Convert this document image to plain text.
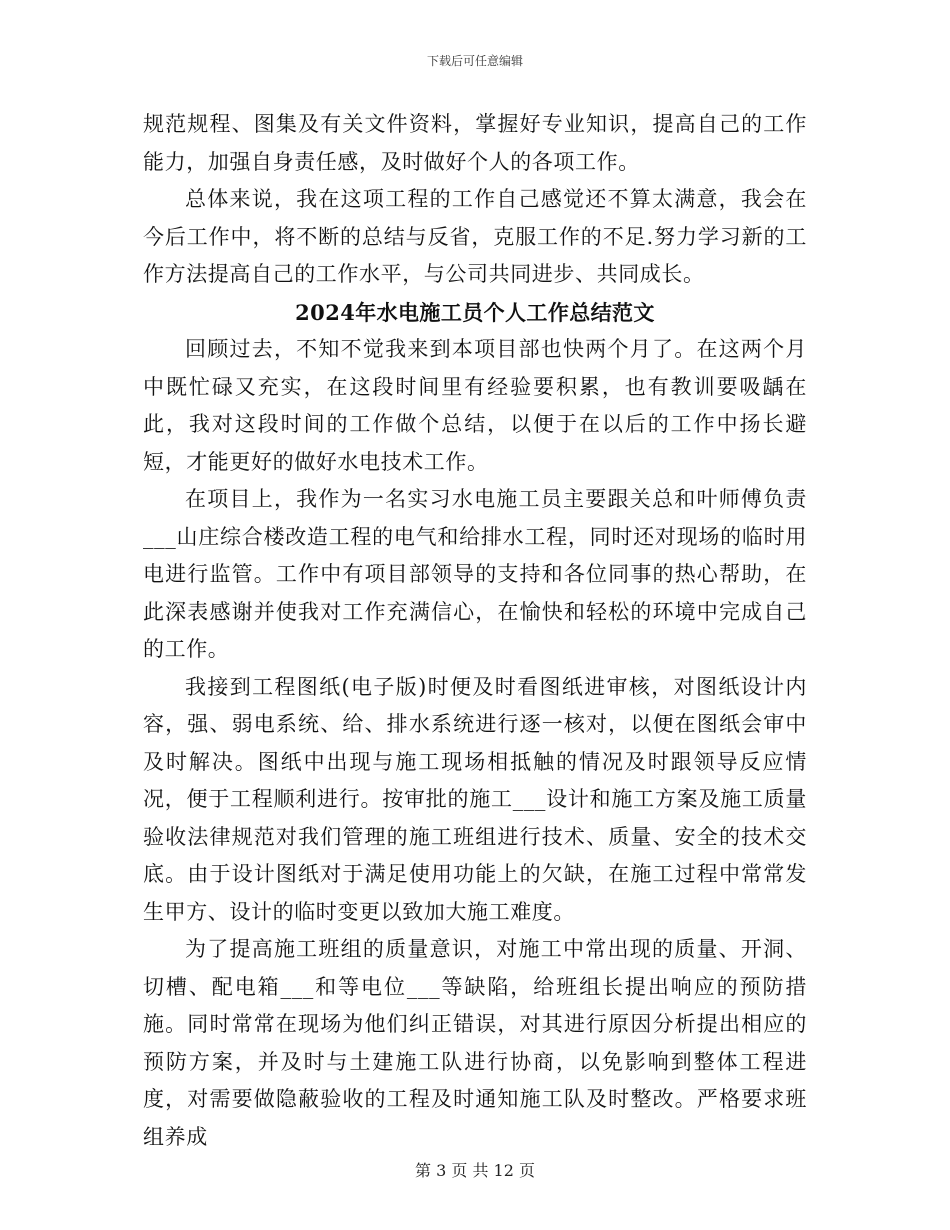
下载后可任意编辑

规范规程、图集及有关文件资料，掌握好专业知识，提高自己的工作能力，加强自身责任感，及时做好个人的各项工作。

总体来说，我在这项工程的工作自己感觉还不算太满意，我会在今后工作中，将不断的总结与反省，克服工作的不足.努力学习新的工作方法提高自己的工作水平，与公司共同进步、共同成长。

2024年水电施工员个人工作总结范文

回顾过去，不知不觉我来到本项目部也快两个月了。在这两个月中既忙碌又充实，在这段时间里有经验要积累，也有教训要吸龋在此，我对这段时间的工作做个总结，以便于在以后的工作中扬长避短，才能更好的做好水电技术工作。

在项目上，我作为一名实习水电施工员主要跟关总和叶师傅负责___山庄综合楼改造工程的电气和给排水工程，同时还对现场的临时用电进行监管。工作中有项目部领导的支持和各位同事的热心帮助，在此深表感谢并使我对工作充满信心，在愉快和轻松的环境中完成自己的工作。

我接到工程图纸(电子版)时便及时看图纸进审核，对图纸设计内容，强、弱电系统、给、排水系统进行逐一核对，以便在图纸会审中及时解决。图纸中出现与施工现场相抵触的情况及时跟领导反应情况，便于工程顺利进行。按审批的施工___设计和施工方案及施工质量验收法律规范对我们管理的施工班组进行技术、质量、安全的技术交底。由于设计图纸对于满足使用功能上的欠缺，在施工过程中常常发生甲方、设计的临时变更以致加大施工难度。

为了提高施工班组的质量意识，对施工中常出现的质量、开洞、切槽、配电箱___和等电位___等缺陷，给班组长提出响应的预防措施。同时常常在现场为他们纠正错误，对其进行原因分析提出相应的预防方案，并及时与土建施工队进行协商，以免影响到整体工程进度，对需要做隐蔽验收的工程及时通知施工队及时整改。严格要求班组养成

第 3 页 共 12 页
